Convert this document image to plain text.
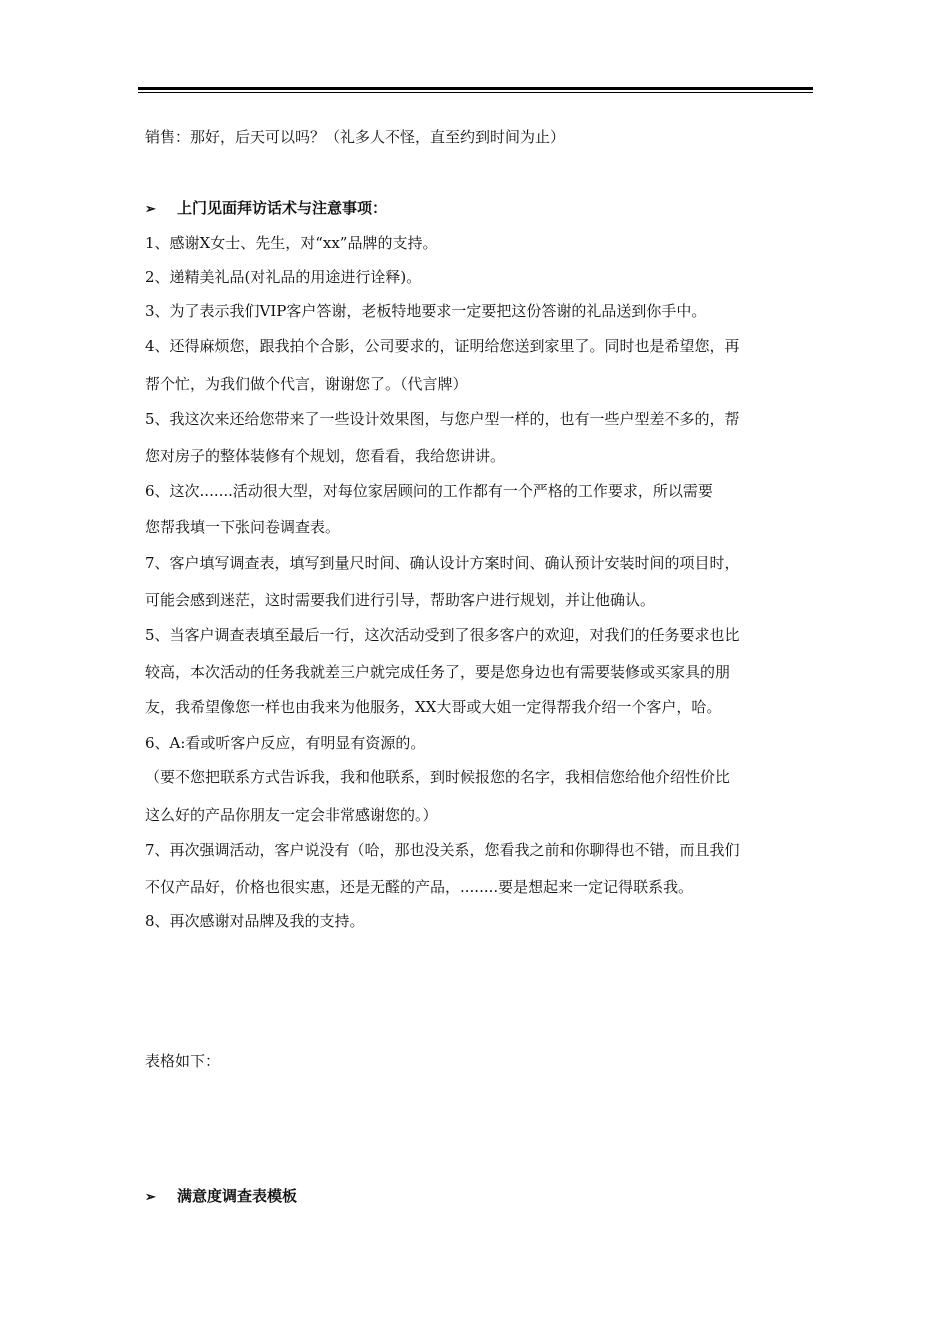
销售：那好，后天可以吗？（礼多人不怪，直至约到时间为止）
➢ 上门见面拜访话术与注意事项：
1、感谢X女士、先生，对“xx”品牌的支持。
2、递精美礼品(对礼品的用途进行诠释)。
3、为了表示我们VIP客户答谢，老板特地要求一定要把这份答谢的礼品送到你手中。
4、还得麻烦您，跟我拍个合影，公司要求的，证明给您送到家里了。同时也是希望您，再
帮个忙，为我们做个代言，谢谢您了。（代言牌）
5、我这次来还给您带来了一些设计效果图，与您户型一样的，也有一些户型差不多的，帮
您对房子的整体装修有个规划，您看看，我给您讲讲。
6、这次.......活动很大型，对每位家居顾问的工作都有一个严格的工作要求，所以需要
您帮我填一下张问卷调查表。
7、客户填写调查表，填写到量尺时间、确认设计方案时间、确认预计安装时间的项目时，
可能会感到迷茫，这时需要我们进行引导，帮助客户进行规划，并让他确认。
5、当客户调查表填至最后一行，这次活动受到了很多客户的欢迎，对我们的任务要求也比
较高，本次活动的任务我就差三户就完成任务了，要是您身边也有需要装修或买家具的朋
友，我希望像您一样也由我来为他服务，XX大哥或大姐一定得帮我介绍一个客户，哈。
6、A:看或听客户反应，有明显有资源的。
（要不您把联系方式告诉我，我和他联系，到时候报您的名字，我相信您给他介绍性价比
这么好的产品你朋友一定会非常感谢您的。）
7、再次强调活动，客户说没有（哈，那也没关系，您看我之前和你聊得也不错，而且我们
不仅产品好，价格也很实惠，还是无醛的产品，........要是想起来一定记得联系我。
8、再次感谢对品牌及我的支持。
表格如下：
➢ 满意度调查表模板
